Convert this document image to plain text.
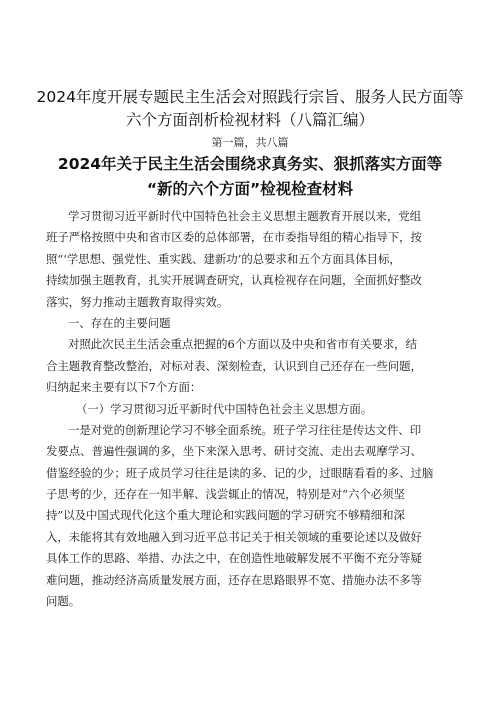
2024年度开展专题民主生活会对照践行宗旨、服务人民方面等
六个方面剖析检视材料（八篇汇编）
第一篇，共八篇
2024年关于民主生活会围绕求真务实、狠抓落实方面等
“新的六个方面”检视检查材料
学习贯彻习近平新时代中国特色社会主义思想主题教育开展以来，党组
班子严格按照中央和省市区委的总体部署，在市委指导组的精心指导下，按
照“‘学思想、强党性、重实践、建新功’的总要求和五个方面具体目标，
持续加强主题教育，扎实开展调查研究，认真检视存在问题，全面抓好整改
落实，努力推动主题教育取得实效。
一、存在的主要问题
对照此次民主生活会重点把握的6个方面以及中央和省市有关要求，结
合主题教育整改整治，对标对表、深刻检查，认识到自己还存在一些问题，
归纳起来主要有以下7个方面：
（一）学习贯彻习近平新时代中国特色社会主义思想方面。
一是对党的创新理论学习不够全面系统。班子学习往往是传达文件、印
发要点、普遍性强调的多，坐下来深入思考、研讨交流、走出去观摩学习、
借鉴经验的少；班子成员学习往往是读的多、记的少，过眼瞎看看的多、过脑
子思考的少，还存在一知半解、浅尝辄止的情况，特别是对“六个必须坚
持”以及中国式现代化这个重大理论和实践问题的学习研究不够精细和深
入，未能将其有效地融入到习近平总书记关于相关领域的重要论述以及做好
具体工作的思路、举措、办法之中，在创造性地破解发展不平衡不充分等疑
难问题，推动经济高质量发展方面，还存在思路眼界不宽、措施办法不多等
问题。
